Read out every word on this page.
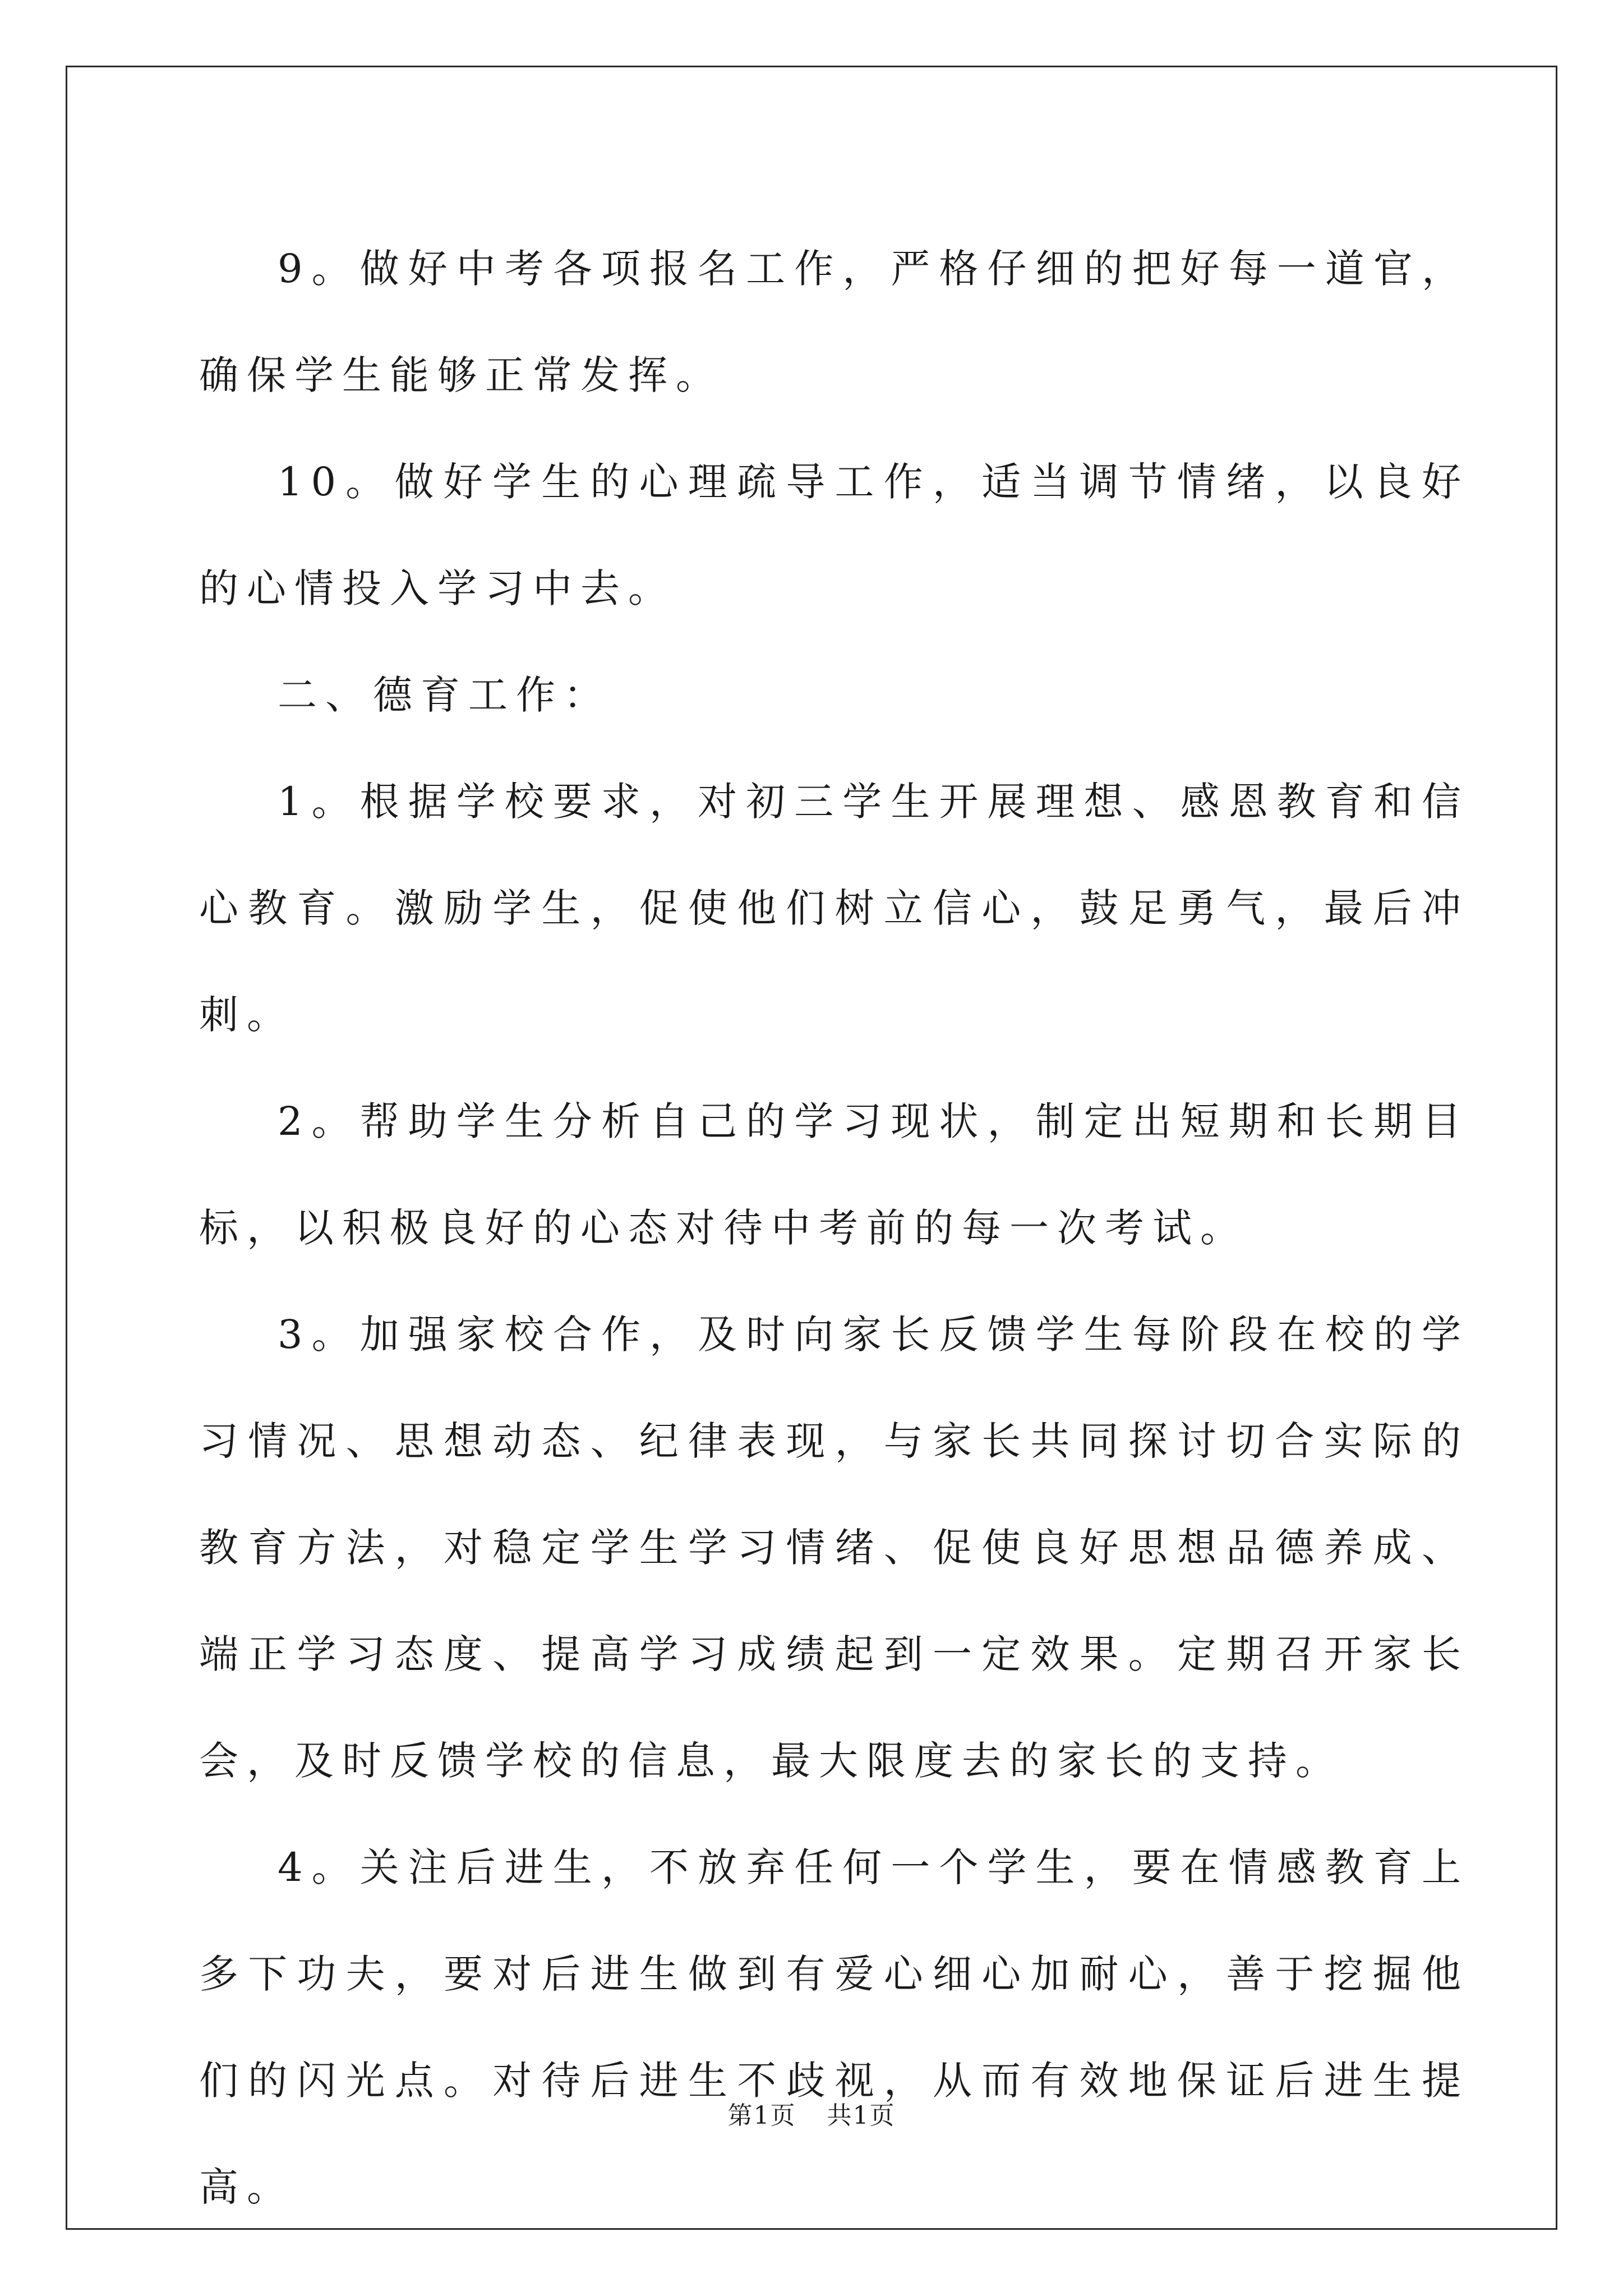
9。做好中考各项报名工作，严格仔细的把好每一道官，确保学生能够正常发挥。

10。做好学生的心理疏导工作，适当调节情绪，以良好的心情投入学习中去。

二、德育工作：

1。根据学校要求，对初三学生开展理想、感恩教育和信心教育。激励学生，促使他们树立信心，鼓足勇气，最后冲刺。

2。帮助学生分析自己的学习现状，制定出短期和长期目标，以积极良好的心态对待中考前的每一次考试。

3。加强家校合作，及时向家长反馈学生每阶段在校的学习情况、思想动态、纪律表现，与家长共同探讨切合实际的教育方法，对稳定学生学习情绪、促使良好思想品德养成、端正学习态度、提高学习成绩起到一定效果。定期召开家长会，及时反馈学校的信息，最大限度去的家长的支持。

4。关注后进生，不放弃任何一个学生，要在情感教育上多下功夫，要对后进生做到有爱心细心加耐心，善于挖掘他们的闪光点。对待后进生不歧视，从而有效地保证后进生提高。

第1页 共1页
